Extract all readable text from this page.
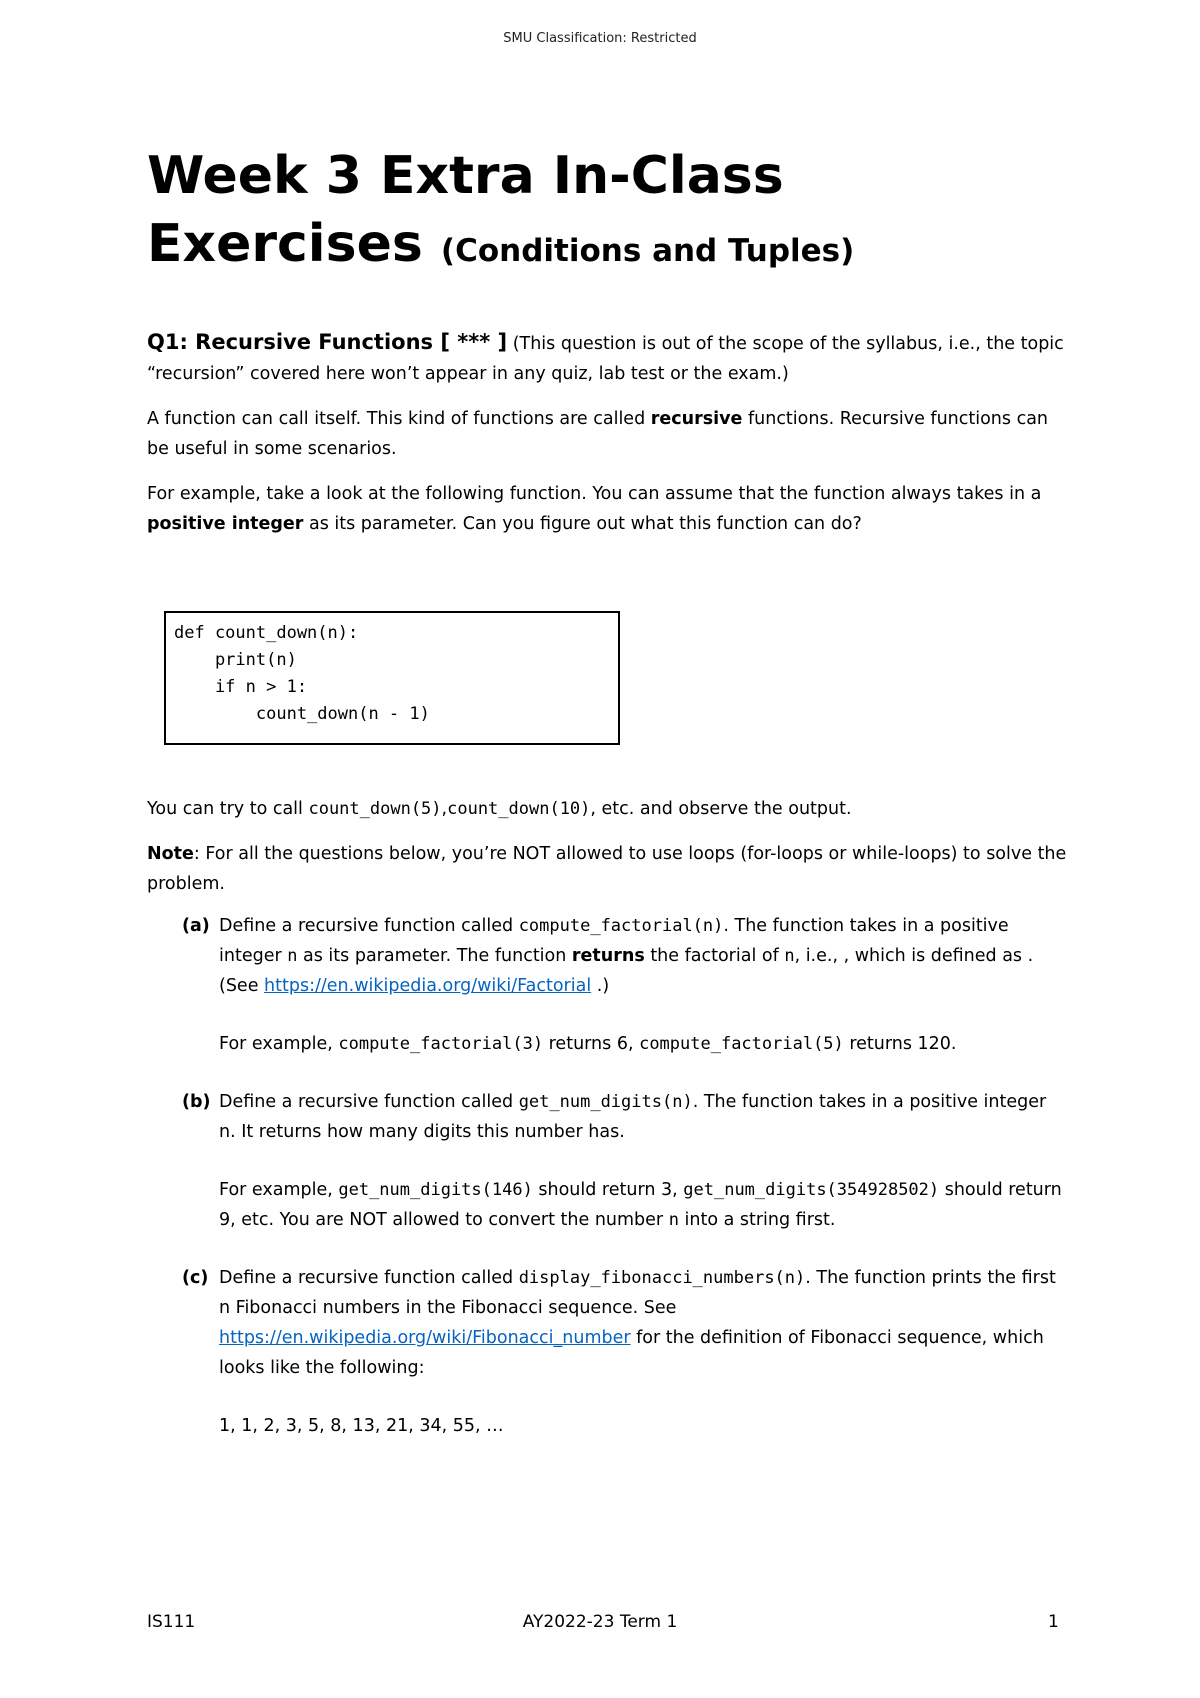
SMU Classification: Restricted
Week 3 Extra In-Class
Exercises (Conditions and Tuples)

Q1: Recursive Functions [ *** ] (This question is out of the scope of the syllabus, i.e., the topic “recursion” covered here won’t appear in any quiz, lab test or the exam.)

A function can call itself. This kind of functions are called recursive functions. Recursive functions can be useful in some scenarios.

For example, take a look at the following function. You can assume that the function always takes in a positive integer as its parameter. Can you figure out what this function can do?

def count_down(n):
print(n)
if n > 1:
count_down(n - 1)

You can try to call count_down(5),count_down(10), etc. and observe the output.

Note: For all the questions below, you’re NOT allowed to use loops (for-loops or while-loops) to solve the problem.

(a) Define a recursive function called compute_factorial(n). The function takes in a positive integer n as its parameter. The function returns the factorial of n, i.e., , which is defined as . (See https://en.wikipedia.org/wiki/Factorial .)
For example, compute_factorial(3) returns 6, compute_factorial(5) returns 120.
(b) Define a recursive function called get_num_digits(n). The function takes in a positive integer n. It returns how many digits this number has.
For example, get_num_digits(146) should return 3, get_num_digits(354928502) should return 9, etc. You are NOT allowed to convert the number n into a string first.
(c) Define a recursive function called display_fibonacci_numbers(n). The function prints the first n Fibonacci numbers in the Fibonacci sequence. See https://en.wikipedia.org/wiki/Fibonacci_number for the definition of Fibonacci sequence, which looks like the following:
1, 1, 2, 3, 5, 8, 13, 21, 34, 55, …
IS111	AY2022-23 Term 1	1
